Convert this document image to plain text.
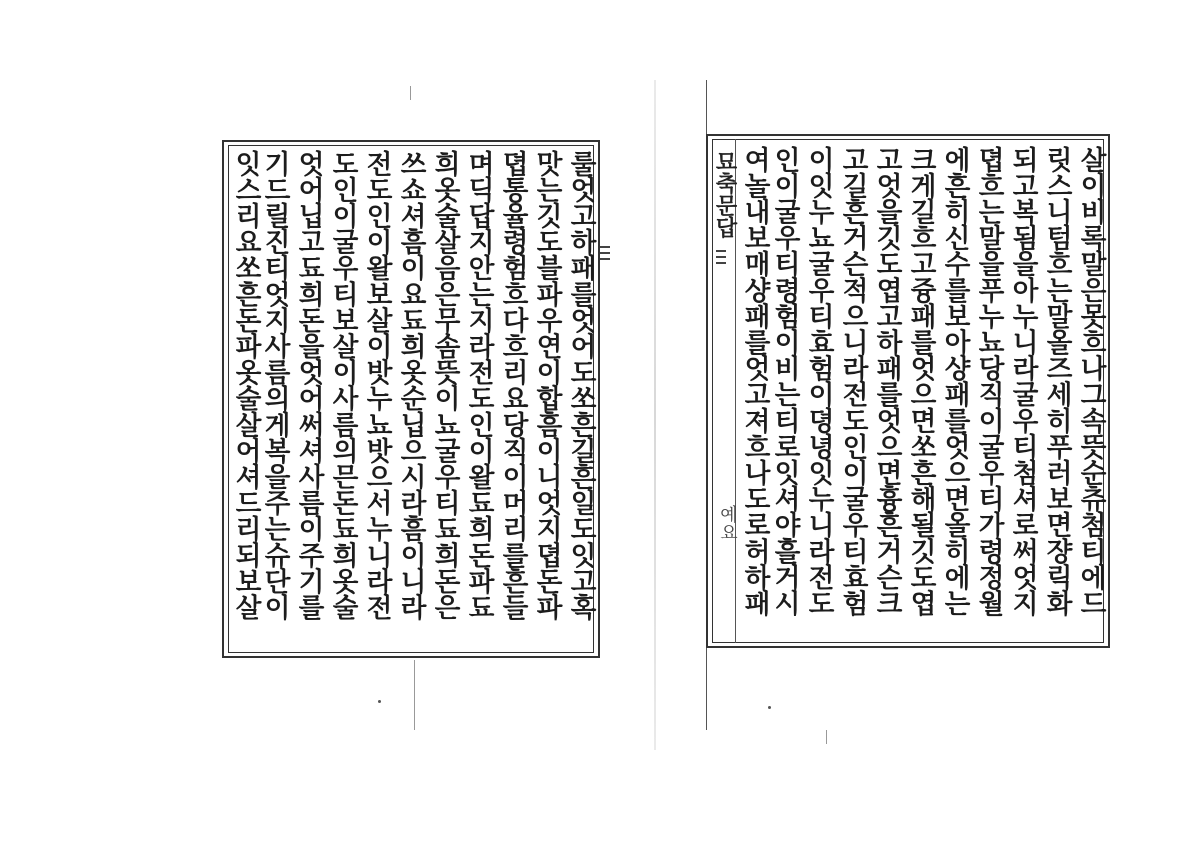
룰엇고하패를엇어도쏘흔길흔일도잇고혹
맛는깃도블파우연이합흠이니엇지뎝돈파
뎝통율령험흐다흐리요당직이머리를흔들
며딕답지안는지라전도인이왈됴희돈파됴
희옷술살음은무솜뜻이뇨굴우티됴희돈은
쓰쇼셔흠이요됴희옷순닙으시라흠이니라
전도인이왈보살이밧누뇨밧으서누니라전
도인이굴우티보살이사름의믄돈됴희옷술
엇어닙고됴희돈을엇어써셔사름이주기를
기드릴진티엇지사름의게복을주는슈단이
잇스리요쏘흔돈파옷술살어셔드리되보살	묘축문답
예요	살이비록말은못흐나그속뜻순츄첨티에드
릿스니텀흐는말올즈세히푸러보면쟝릭화
되고복됨을아누니라굴우티첨셔로써엇지
뎝흐는말을푸누뇨당직이굴우티가령정월
에흔히신수를보아샹패를엇으면올히에는
크게길흐고즁패를엇으면쏘흔해될깃도엽
고엇을깃도엽고하패를엇으면흉흔거슨크
고길흔거슨적으니라전도인이굴우티효험
이잇누뇨굴우티효험이뎡녕잇누니라전도
인이굴우티령험이비는티로잇셔야흘거시
여놀내보매샹패를엇고져흐나도로허하패
